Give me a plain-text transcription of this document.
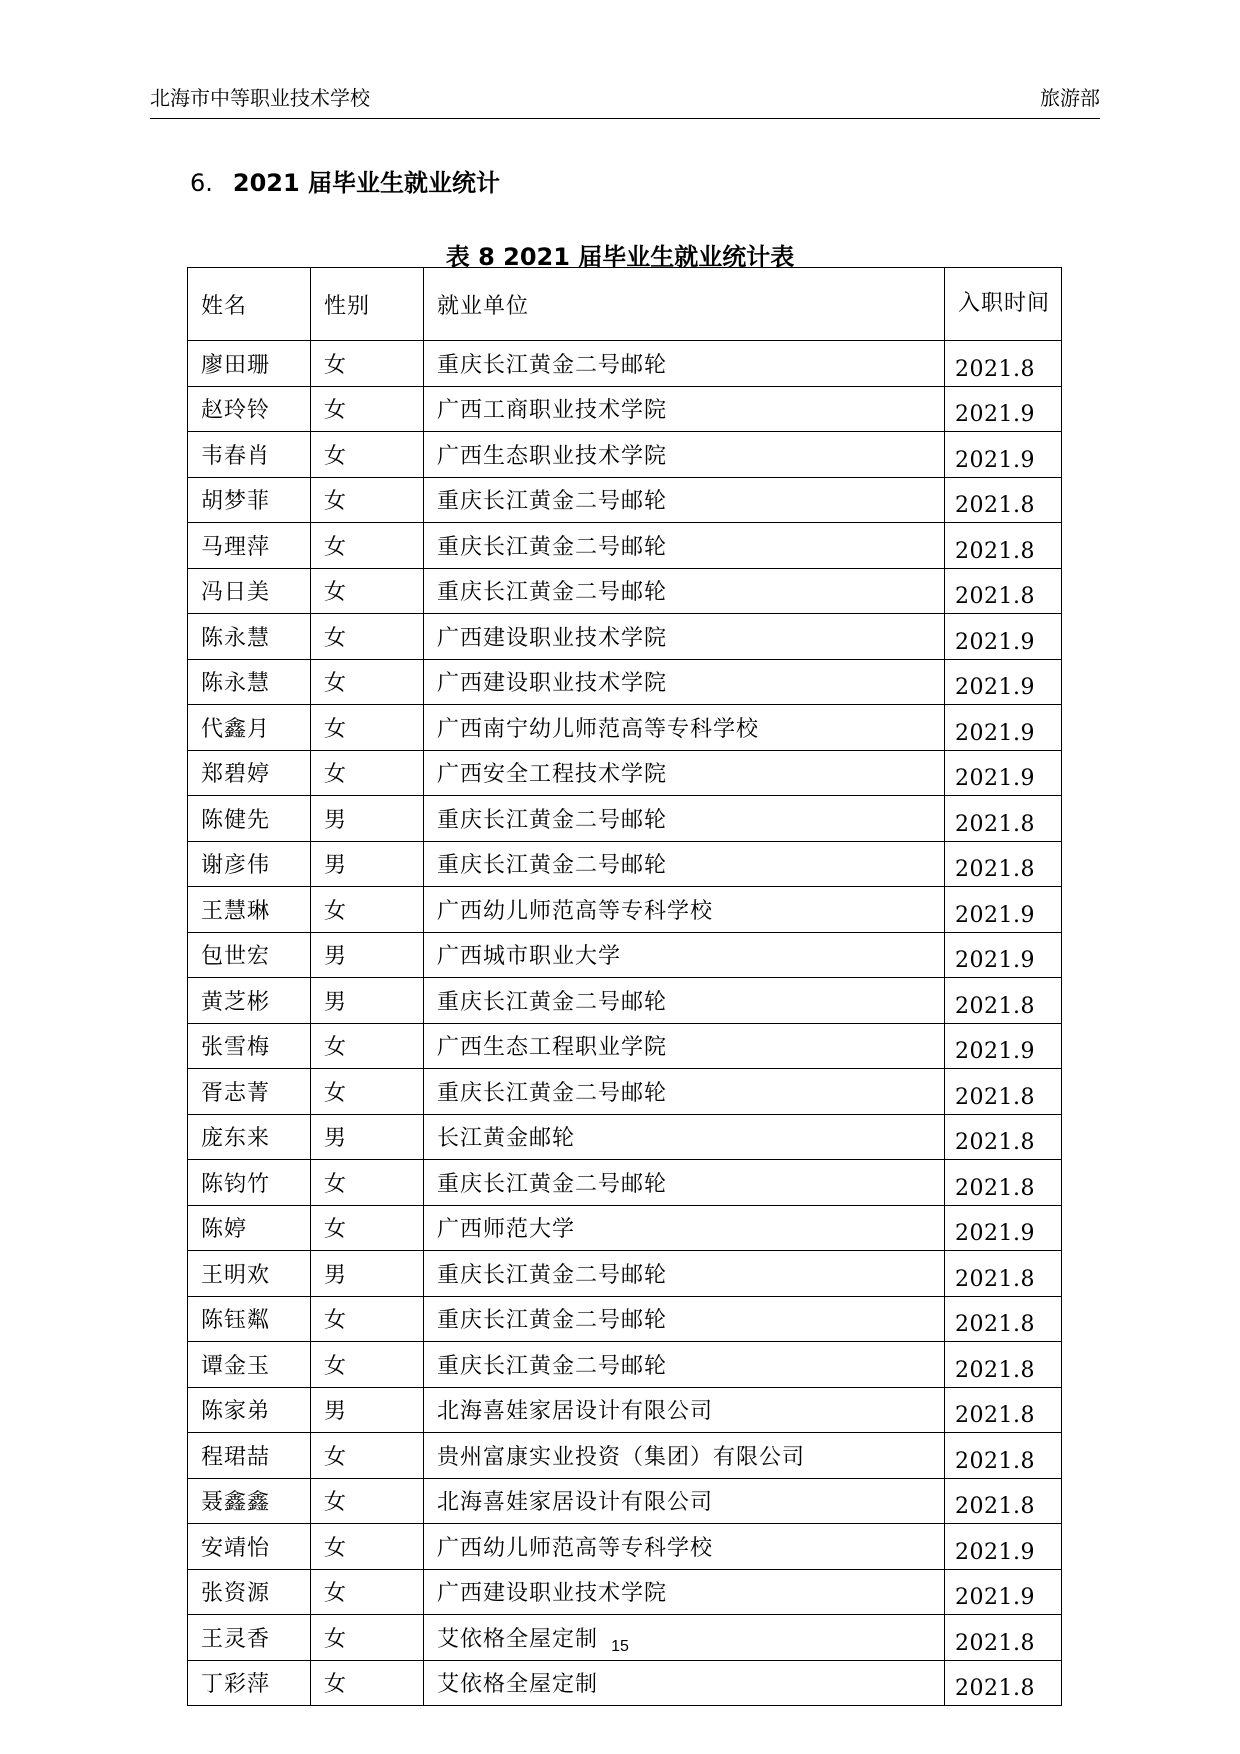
北海市中等职业技术学校	旅游部
6. 2021 届毕业生就业统计
表 8 2021 届毕业生就业统计表
姓名	性别	就业单位	入职时间
廖田珊	女	重庆长江黄金二号邮轮	2021.8
赵玲铃	女	广西工商职业技术学院	2021.9
韦春肖	女	广西生态职业技术学院	2021.9
胡梦菲	女	重庆长江黄金二号邮轮	2021.8
马理萍	女	重庆长江黄金二号邮轮	2021.8
冯日美	女	重庆长江黄金二号邮轮	2021.8
陈永慧	女	广西建设职业技术学院	2021.9
陈永慧	女	广西建设职业技术学院	2021.9
代鑫月	女	广西南宁幼儿师范高等专科学校	2021.9
郑碧婷	女	广西安全工程技术学院	2021.9
陈健先	男	重庆长江黄金二号邮轮	2021.8
谢彦伟	男	重庆长江黄金二号邮轮	2021.8
王慧琳	女	广西幼儿师范高等专科学校	2021.9
包世宏	男	广西城市职业大学	2021.9
黄芝彬	男	重庆长江黄金二号邮轮	2021.8
张雪梅	女	广西生态工程职业学院	2021.9
胥志菁	女	重庆长江黄金二号邮轮	2021.8
庞东来	男	长江黄金邮轮	2021.8
陈钧竹	女	重庆长江黄金二号邮轮	2021.8
陈婷	女	广西师范大学	2021.9
王明欢	男	重庆长江黄金二号邮轮	2021.8
陈钰粼	女	重庆长江黄金二号邮轮	2021.8
谭金玉	女	重庆长江黄金二号邮轮	2021.8
陈家弟	男	北海喜娃家居设计有限公司	2021.8
程珺喆	女	贵州富康实业投资（集团）有限公司	2021.8
聂鑫鑫	女	北海喜娃家居设计有限公司	2021.8
安靖怡	女	广西幼儿师范高等专科学校	2021.9
张资源	女	广西建设职业技术学院	2021.9
王灵香	女	艾依格全屋定制	2021.8
丁彩萍	女	艾依格全屋定制	2021.8
15
